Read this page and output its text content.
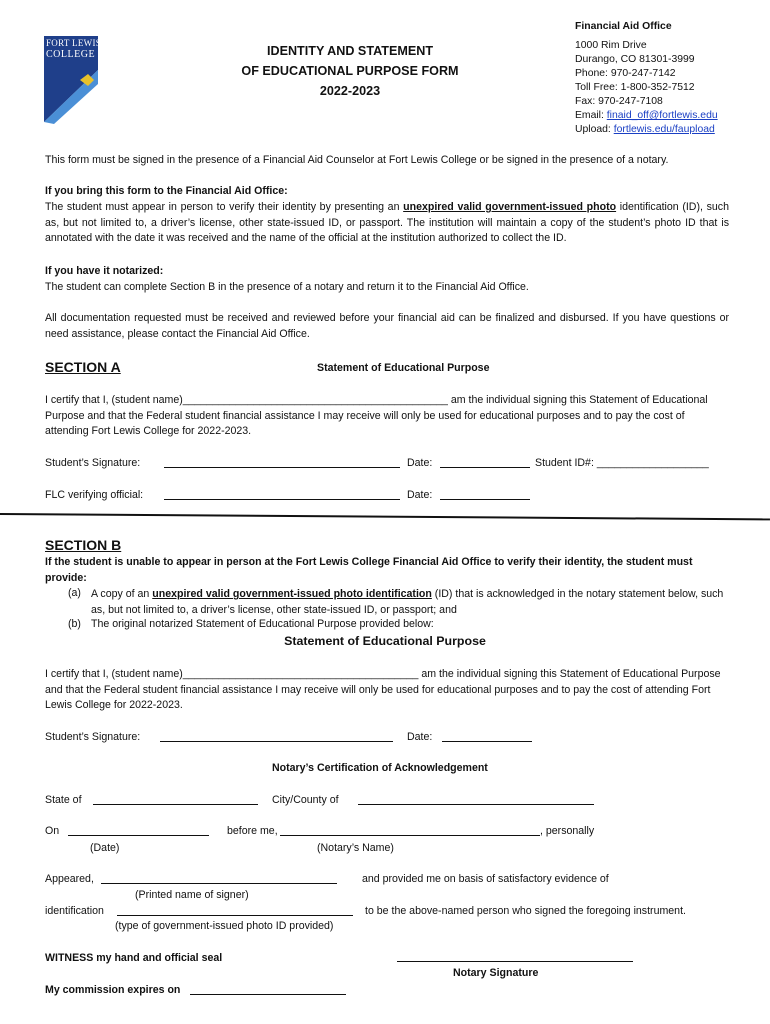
FORT LEWIS
COLLEGE	IDENTITY AND STATEMENT
OF EDUCATIONAL PURPOSE FORM
2022-2023
Financial Aid Office
1000 Rim Drive
Durango, CO 81301-3999
Phone: 970-247-7142
Toll Free: 1-800-352-7512
Fax: 970-247-7108
Email: finaid_off@fortlewis.edu
Upload: fortlewis.edu/faupload
This form must be signed in the presence of a Financial Aid Counselor at Fort Lewis College or be signed in the presence of a notary.
If you bring this form to the Financial Aid Office:
The student must appear in person to verify their identity by presenting an unexpired valid government-issued photo identification (ID), such as, but not limited to, a driver’s license, other state-issued ID, or passport. The institution will maintain a copy of the student’s photo ID that is annotated with the date it was received and the name of the official at the institution authorized to collect the ID.
If you have it notarized:
The student can complete Section B in the presence of a notary and return it to the Financial Aid Office.
All documentation requested must be received and reviewed before your financial aid can be finalized and disbursed. If you have questions or need assistance, please contact the Financial Aid Office.
SECTION A	Statement of Educational Purpose
I certify that I, (student name)_____________________________________________ am the individual signing this Statement of Educational Purpose and that the Federal student financial assistance I may receive will only be used for educational purposes and to pay the cost of attending Fort Lewis College for 2022-2023.
Student’s Signature:	Date:	Student ID#: ___________________
FLC verifying official:	Date:
SECTION B
If the student is unable to appear in person at the Fort Lewis College Financial Aid Office to verify their identity, the student must provide:
(a) A copy of an unexpired valid government-issued photo identification (ID) that is acknowledged in the notary statement below, such as, but not limited to, a driver’s license, other state-issued ID, or passport; and
(b) The original notarized Statement of Educational Purpose provided below:
Statement of Educational Purpose
I certify that I, (student name)________________________________________ am the individual signing this Statement of Educational Purpose and that the Federal student financial assistance I may receive will only be used for educational purposes and to pay the cost of attending Fort Lewis College for 2022-2023.
Student’s Signature:	Date:
Notary’s Certification of Acknowledgement
State of	City/County of
On	before me,	, personally
(Date)	(Notary’s Name)
Appeared,	and provided me on basis of satisfactory evidence of
(Printed name of signer)
identification	to be the above-named person who signed the foregoing instrument.
(type of government-issued photo ID provided)
WITNESS my hand and official seal
Notary Signature
My commission expires on
